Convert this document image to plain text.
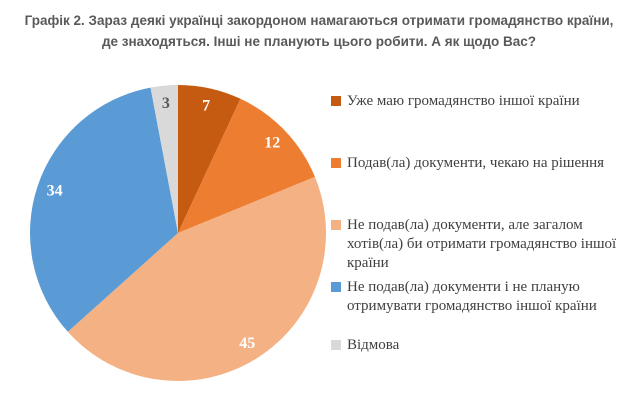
Графік 2. Зараз деякі українці закордоном намагаються отримати громадянство країни, де знаходяться. Інші не планують цього робити. А як щодо Вас?
7
12
45
34
3	Уже маю громадянство іншої країни
Подав(ла) документи, чекаю на рішення
Не подав(ла) документи, але загалом хотів(ла) би отримати громадянство іншої країни
Не подав(ла) документи і не планую отримувати громадянство іншої країни
Відмова
